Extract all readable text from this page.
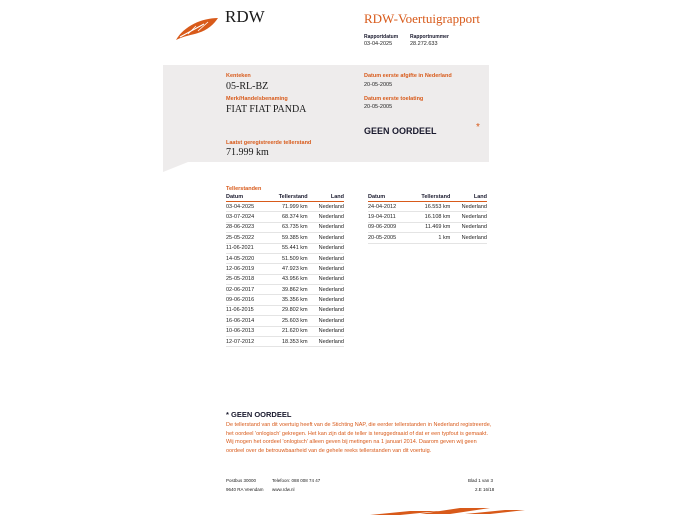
RDW	RDW-Voertuigrapport
Rapportdatum
03-04-2025
Rapportnummer
28.272.633
Kenteken
05-RL-BZ
Merk/Handelsbenaming
FIAT FIAT PANDA
Laatst geregistreerde tellerstand
71.999 km
Datum eerste afgifte in Nederland
20-05-2005
Datum eerste toelating
20-05-2005
GEEN OORDEEL	*
Tellerstanden
Datum	Tellerstand	Land
03-04-2025	71.999 km	Nederland
03-07-2024	68.374 km	Nederland
28-06-2023	63.735 km	Nederland
25-05-2022	59.385 km	Nederland
11-06-2021	55.441 km	Nederland
14-05-2020	51.509 km	Nederland
12-06-2019	47.923 km	Nederland
25-05-2018	43.956 km	Nederland
02-06-2017	39.862 km	Nederland
09-06-2016	35.356 km	Nederland
11-06-2015	29.802 km	Nederland
16-06-2014	25.603 km	Nederland
10-06-2013	21.620 km	Nederland
12-07-2012	18.353 km	Nederland
Datum	Tellerstand	Land
24-04-2012	16.553 km	Nederland
19-04-2011	16.108 km	Nederland
09-06-2009	11.469 km	Nederland
20-05-2005	1 km	Nederland
* GEEN OORDEEL
De tellerstand van dit voertuig heeft van de Stichting NAP, die eerder tellerstanden in Nederland registreerde, het oordeel 'onlogisch' gekregen. Het kan zijn dat de teller is teruggedraaid of dat er een typfout is gemaakt. Wij mogen het oordeel 'onlogisch' alleen geven bij metingen na 1 januari 2014. Daarom geven wij geen oordeel over de betrouwbaarheid van de gehele reeks tellerstanden van dit voertuig.
Postbus 30000
9640 RA Veendam
Telefoon: 088 008 74 47
www.rdw.nl
Blad 1 van 3
2.E 16/18
